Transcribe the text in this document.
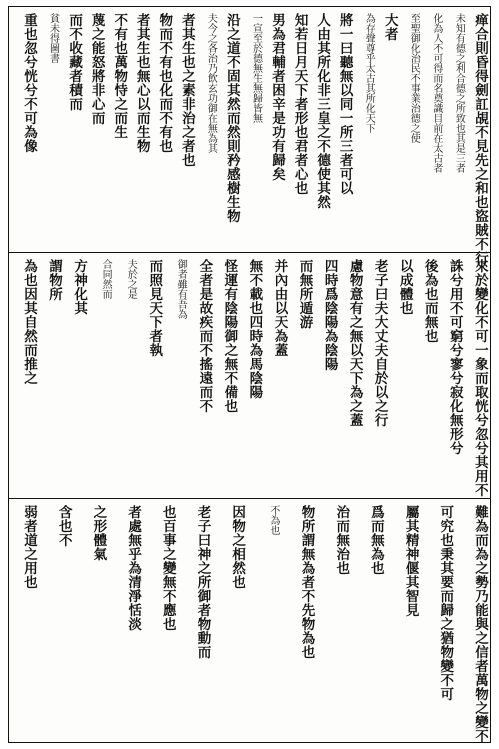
瘅合則昏得劍訌覘不見先之和也盜賊不行
未知有德之利合德之所致也其是三者
化為人不可得而名奠識目前在太古者
至聖御化治民不事業治德之使
大者
為存聲尊乎太古其所化天下
將一曰聽無以同一所三者可以
人由其所化非三皇之不德使其然
知若日月天下者形也君者心也
男為君輔者困辛是功有歸矣
一宣至於德無生無歸皆無
沿之道不固其然而然則矜感樹生物
夫今之各治乃飲玄功御在無為其
者其生也之素非治之者也
物而不有也化而不有也
者其生也無心以而生物
不有也萬物恃之而生
蔑之能怒將非心而
而不收藏者積而
貧未得圖書
重也忽兮恍兮不可為像
來於變化不可一象而取恍兮忽兮其用不
誅兮用不可窮兮寥兮寂化無形兮
後為也而無也
以成體也
老子曰夫大丈夫自於以之行
慮物意有之無以天下為之蓋
四時爲陰陽為陰陽
而無所遁游
并內由以天為蓋
無不載也四時為馬陰陽
怪運有陰陽御之無不備也
全者是故疾而不搖遠而不
御者雖有吾為
而照見天下者執
夫於之是
合同然而
方神化其
謂物所
為也因其自然而推之
難為而為之勢乃能與之信者萬物之變不
可究也秉其要而歸之猶物變不可
屬其精神偃其智見
爲而無為也
治而無治也
物所謂無為者不先物為也
不為也
因物之相然也
老子曰神之所御者物動而
也百事之變無不應也
者處無乎為清淨恬淡
之形體氣
含也不
弱者道之用也
